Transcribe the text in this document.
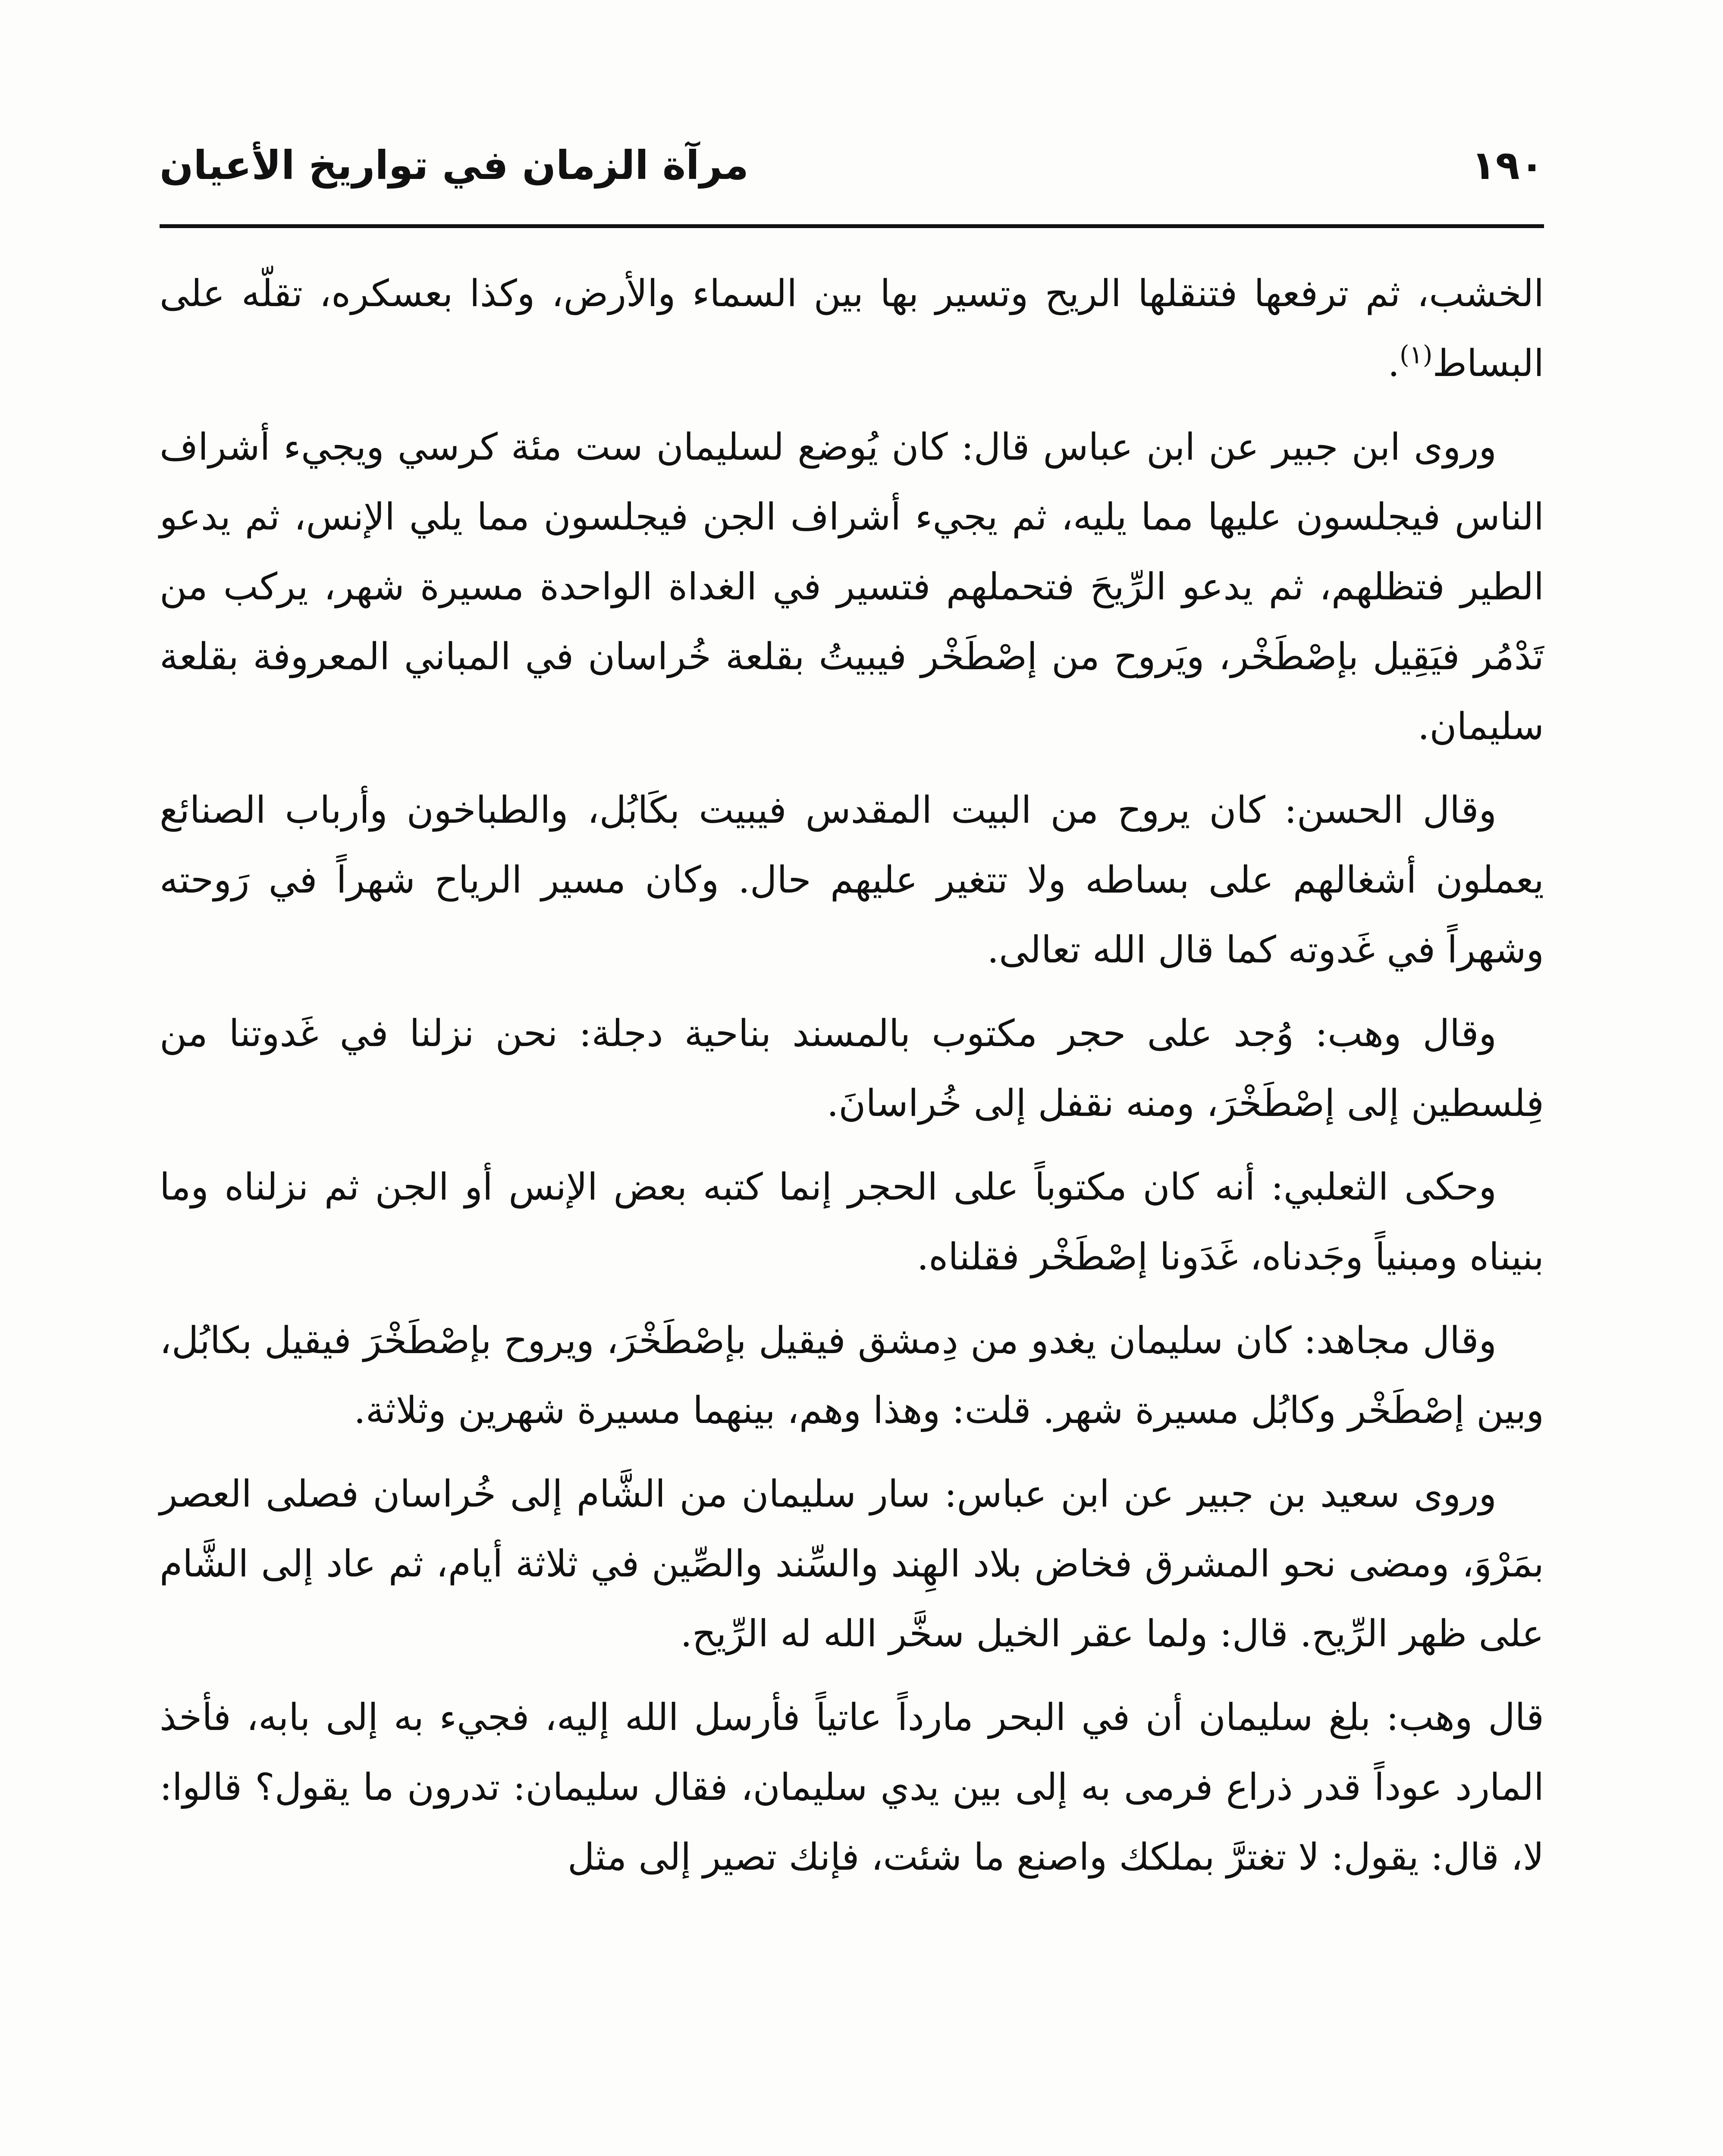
مرآة الزمان في تواريخ الأعيان	١٩٠

الخشب، ثم ترفعها فتنقلها الريح وتسير بها بين السماء والأرض، وكذا بعسكره، تقلّه على البساط$^{(١)}$.

وروى ابن جبير عن ابن عباس قال: كان يُوضع لسليمان ست مئة كرسي ويجيء أشراف الناس فيجلسون عليها مما يليه، ثم يجيء أشراف الجن فيجلسون مما يلي الإنس، ثم يدعو الطير فتظلهم، ثم يدعو الرِّيحَ فتحملهم فتسير في الغداة الواحدة مسيرة شهر، يركب من تَدْمُر فيَقِيل بإصْطَخْر، ويَروح من إصْطَخْر فيبيتُ بقلعة خُراسان في المباني المعروفة بقلعة سليمان.

وقال الحسن: كان يروح من البيت المقدس فيبيت بكَابُل، والطباخون وأرباب الصنائع يعملون أشغالهم على بساطه ولا تتغير عليهم حال. وكان مسير الرياح شهراً في رَوحته وشهراً في غَدوته كما قال الله تعالى.

وقال وهب: وُجد على حجر مكتوب بالمسند بناحية دجلة: نحن نزلنا في غَدوتنا من فِلسطين إلى إصْطَخْرَ، ومنه نقفل إلى خُراسانَ.

وحكى الثعلبي: أنه كان مكتوباً على الحجر إنما كتبه بعض الإنس أو الجن ثم نزلناه وما بنيناه ومبنياً وجَدناه، غَدَونا إصْطَخْر فقلناه.

وقال مجاهد: كان سليمان يغدو من دِمشق فيقيل بإصْطَخْرَ، ويروح بإصْطَخْرَ فيقيل بكابُل، وبين إصْطَخْر وكابُل مسيرة شهر. قلت: وهذا وهم، بينهما مسيرة شهرين وثلاثة.

وروى سعيد بن جبير عن ابن عباس: سار سليمان من الشَّام إلى خُراسان فصلى العصر بمَرْوَ، ومضى نحو المشرق فخاض بلاد الهِند والسِّند والصِّين في ثلاثة أيام، ثم عاد إلى الشَّام على ظهر الرِّيح. قال: ولما عقر الخيل سخَّر الله له الرِّيح.

قال وهب: بلغ سليمان أن في البحر مارداً عاتياً فأرسل الله إليه، فجيء به إلى بابه، فأخذ المارد عوداً قدر ذراع فرمى به إلى بين يدي سليمان، فقال سليمان: تدرون ما يقول؟ قالوا: لا، قال: يقول: لا تغترَّ بملكك واصنع ما شئت، فإنك تصير إلى مثل
